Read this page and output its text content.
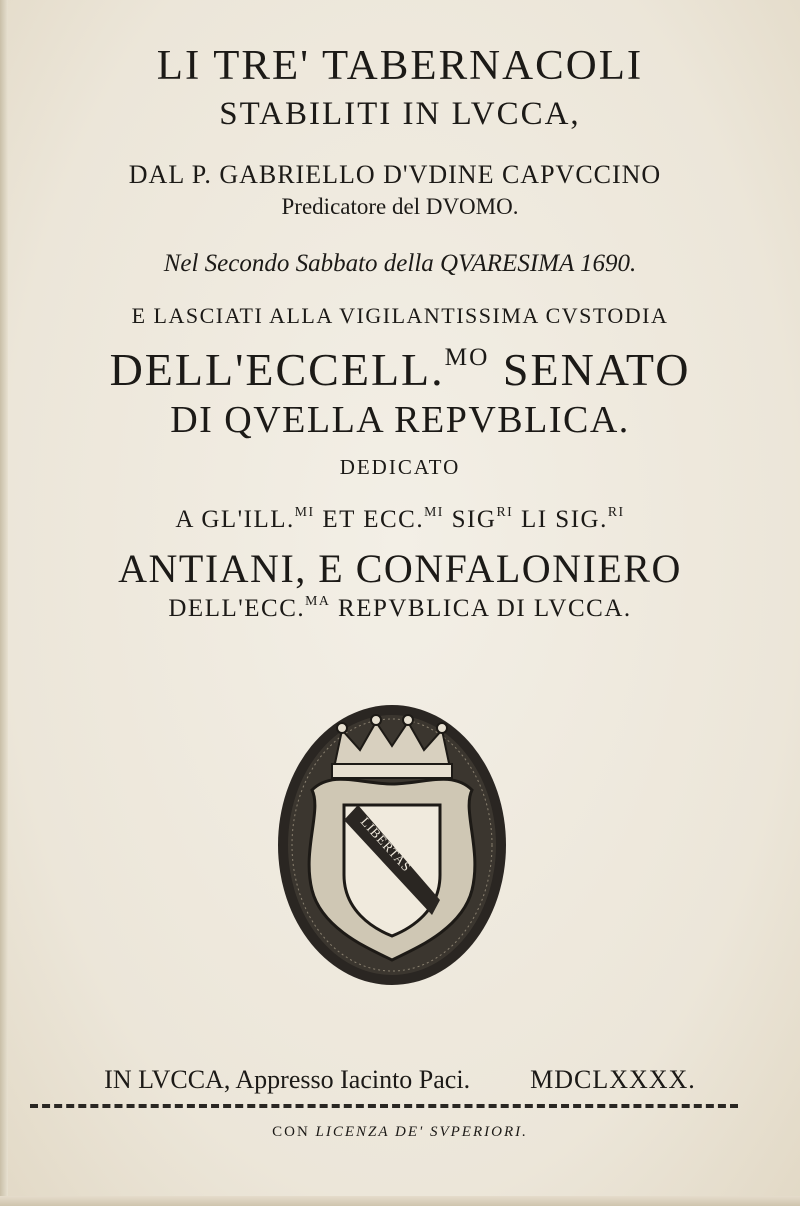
LI TRE' TABERNACOLI
STABILITI IN LVCCA,
DAL P. GABRIELLO D'VDINE CAPVCCINO
Predicatore del DVOMO.
Nel Secondo Sabbato della QVARESIMA 1690.
E LASCIATI ALLA VIGILANTISSIMA CVSTODIA
DELL'ECCELL.$^{MO}$ SENATO
DI QVELLA REPVBLICA.
DEDICATO
A GL'ILL.$^{MI}$ ET ECC.$^{MI}$ $SIG^{RI}$ LI SIG.$^{RI}$
ANTIANI, E CONFALONIERO
DELL'ECC.$^{MA}$ REPVBLICA DI LVCCA.
LIBERTAS
IN LVCCA, Appresso Iacinto Paci. MDCLXXXX.
CON LICENZA DE' SVPERIORI.
